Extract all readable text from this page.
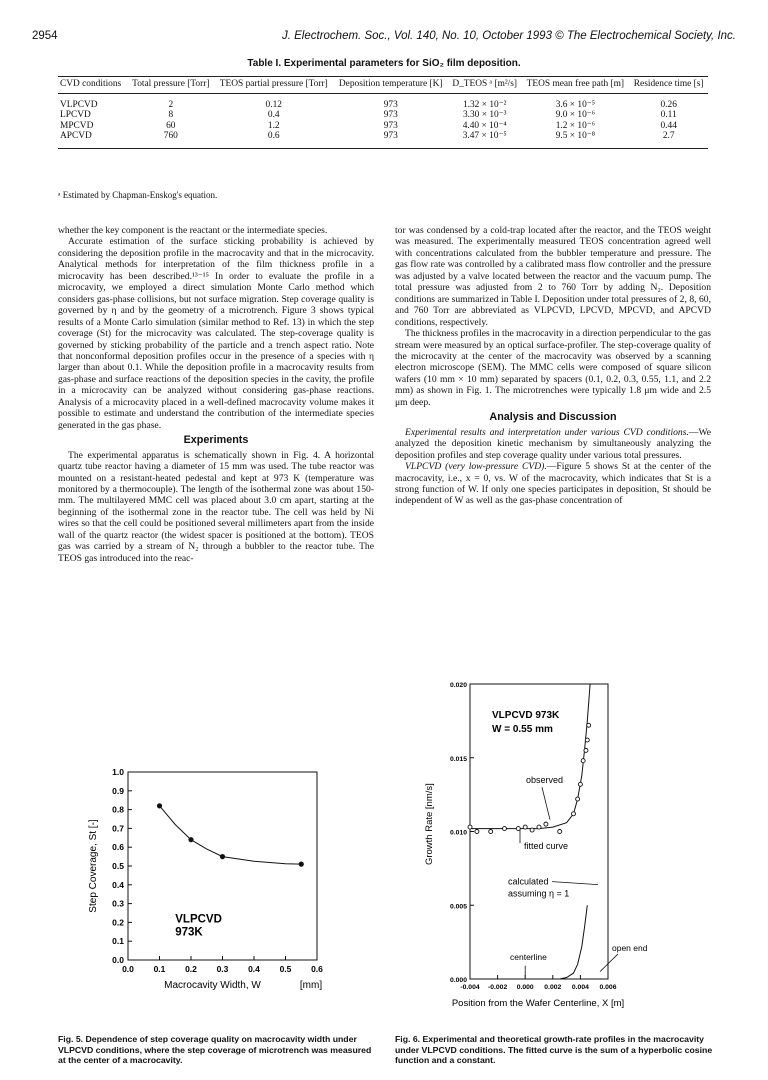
2954	J. Electrochem. Soc., Vol. 140, No. 10, October 1993 © The Electrochemical Society, Inc.
Table I. Experimental parameters for SiO₂ film deposition.
CVD conditions	Total pressure [Torr]	TEOS partial pressure [Torr]	Deposition temperature [K]	D_TEOS ᵃ [m²/s]	TEOS mean free path [m]	Residence time [s]
VLPCVD	2	0.12	973	1.32 × 10⁻²	3.6 × 10⁻⁵	0.26
LPCVD	8	0.4	973	3.30 × 10⁻³	9.0 × 10⁻⁶	0.11
MPCVD	60	1.2	973	4.40 × 10⁻⁴	1.2 × 10⁻⁶	0.44
APCVD	760	0.6	973	3.47 × 10⁻⁵	9.5 × 10⁻⁸	2.7
ᵃ Estimated by Chapman-Enskog's equation.

whether the key component is the reactant or the intermediate species.

Accurate estimation of the surface sticking probability is achieved by considering the deposition profile in the macrocavity and that in the microcavity. Analytical methods for interpretation of the film thickness profile in a microcavity has been described.¹³⁻¹⁵ In order to evaluate the profile in a microcavity, we employed a direct simulation Monte Carlo method which considers gas-phase collisions, but not surface migration. Step coverage quality is governed by η and by the geometry of a microtrench. Figure 3 shows typical results of a Monte Carlo simulation (similar method to Ref. 13) in which the step coverage (St) for the microcavity was calculated. The step-coverage quality is governed by sticking probability of the particle and a trench aspect ratio. Note that nonconformal deposition profiles occur in the presence of a species with η larger than about 0.1. While the deposition profile in a macrocavity results from gas-phase and surface reactions of the deposition species in the cavity, the profile in a microcavity can be analyzed without considering gas-phase reactions. Analysis of a microcavity placed in a well-defined macrocavity volume makes it possible to estimate and understand the contribution of the intermediate species generated in the gas phase.

Experiments

The experimental apparatus is schematically shown in Fig. 4. A horizontal quartz tube reactor having a diameter of 15 mm was used. The tube reactor was mounted on a resistant-heated pedestal and kept at 973 K (temperature was monitored by a thermocouple). The length of the isothermal zone was about 150-mm. The multilayered MMC cell was placed about 3.0 cm apart, starting at the beginning of the isothermal zone in the reactor tube. The cell was held by Ni wires so that the cell could be positioned several millimeters apart from the inside wall of the quartz reactor (the widest spacer is positioned at the bottom). TEOS gas was carried by a stream of N₂ through a bubbler to the reactor tube. The TEOS gas introduced into the reac-

tor was condensed by a cold-trap located after the reactor, and the TEOS weight was measured. The experimentally measured TEOS concentration agreed well with concentrations calculated from the bubbler temperature and pressure. The gas flow rate was controlled by a calibrated mass flow controller and the pressure was adjusted by a valve located between the reactor and the vacuum pump. The total pressure was adjusted from 2 to 760 Torr by adding N₂. Deposition conditions are summarized in Table I. Deposition under total pressures of 2, 8, 60, and 760 Torr are abbreviated as VLPCVD, LPCVD, MPCVD, and APCVD conditions, respectively.

The thickness profiles in the macrocavity in a direction perpendicular to the gas stream were measured by an optical surface-profiler. The step-coverage quality of the microcavity at the center of the macrocavity was observed by a scanning electron microscope (SEM). The MMC cells were composed of square silicon wafers (10 mm × 10 mm) separated by spacers (0.1, 0.2, 0.3, 0.55, 1.1, and 2.2 mm) as shown in Fig. 1. The microtrenches were typically 1.8 μm wide and 2.5 μm deep.

Analysis and Discussion

Experimental results and interpretation under various CVD conditions.—We analyzed the deposition kinetic mechanism by simultaneously analyzing the deposition profiles and step coverage quality under various total pressures.

VLPCVD (very low-pressure CVD).—Figure 5 shows St at the center of the macrocavity, i.e., x = 0, vs. W of the macrocavity, which indicates that St is a strong function of W. If only one species participates in deposition, St should be independent of W as well as the gas-phase concentration of

0.0 0.1 0.2 0.3 0.4 0.5 0.6
0.0
0.1
0.2
0.3
0.4
0.5
0.6
0.7
0.8
0.9
1.0
Macrocavity Width, W	[mm]
Step Coverage, St [-]
VLPCVD
973K
Fig. 5. Dependence of step coverage quality on macrocavity width under VLPCVD conditions, where the step coverage of microtrench was measured at the center of a macrocavity.
-0.004 -0.002 0.000 0.002 0.004 0.006
0.000
0.005
0.010
0.015
0.020
Position from the Wafer Centerline, X [m]
Growth Rate [nm/s]
VLPCVD 973K
W = 0.55 mm
observed
fitted curve
calculated
assuming η = 1
centerline
open end
Fig. 6. Experimental and theoretical growth-rate profiles in the macrocavity under VLPCVD conditions. The fitted curve is the sum of a hyperbolic cosine function and a constant.
